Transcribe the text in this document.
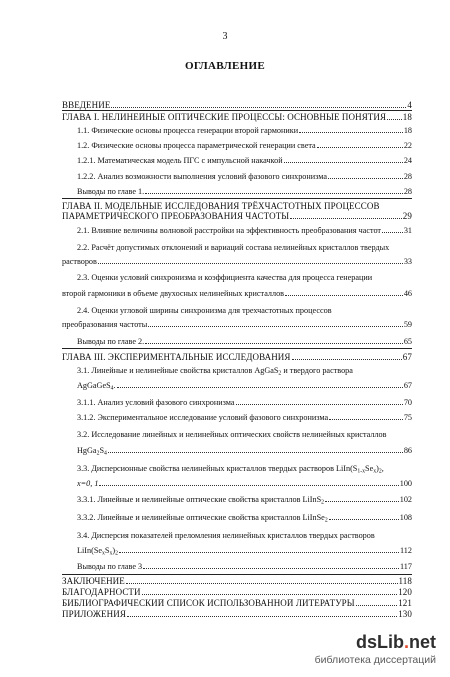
3
ОГЛАВЛЕНИЕ
ВВЕДЕНИЕ	4
ГЛАВА I. НЕЛИНЕЙНЫЕ ОПТИЧЕСКИЕ ПРОЦЕССЫ: ОСНОВНЫЕ ПОНЯТИЯ 18
1.1. Физические основы процесса генерации второй гармоники	18
1.2. Физические основы процесса параметрической генерации света	22
1.2.1. Математическая модель ПГС с импульсной накачкой	24
1.2.2. Анализ возможности выполнения условий фазового синхронизма	28
Выводы по главе 1.	28
ГЛАВА II. МОДЕЛЬНЫЕ ИССЛЕДОВАНИЯ ТРЁХЧАСТОТНЫХ ПРОЦЕССОВ
ПАРАМЕТРИЧЕСКОГО ПРЕОБРАЗОВАНИЯ ЧАСТОТЫ	29
2.1. Влияние величины волновой расстройки на эффективность преобразования частот	31
2.2. Расчёт допустимых отклонений и вариаций состава нелинейных кристаллов твердых
растворов	33
2.3. Оценки условий синхронизма и коэффициента качества для процесса генерации
второй гармоники в объеме двухосных нелинейных кристаллов	46
2.4. Оценки угловой ширины синхронизма для трехчастотных процессов
преобразования частоты	59
Выводы по главе 2.	65
ГЛАВА III. ЭКСПЕРИМЕНТАЛЬНЫЕ ИССЛЕДОВАНИЯ	67
3.1. Линейные и нелинейные свойства кристаллов AgGaS$_2$ и твердого раствора
AgGaGeS$_4$.	67
3.1.1. Анализ условий фазового синхронизма	70
3.1.2. Экспериментальное исследование условий фазового синхронизма	75
3.2. Исследование линейных и нелинейных оптических свойств нелинейных кристаллов
$HgGa_2S_4$	86
3.3. Дисперсионные свойства нелинейных кристаллов твердых растворов $LiIn(S_{1-x}Se_x)_2$,
x=0, 1	100
3.3.1. Линейные и нелинейные оптические свойства кристаллов LiInS$_2$	102
3.3.2. Линейные и нелинейные оптические свойства кристаллов LiInSe$_2$	108
3.4. Дисперсия показателей преломления нелинейных кристаллов твердых растворов
$LiIn(Se_xS_x)_2$	112
Выводы по главе 3	117
ЗАКЛЮЧЕНИЕ	118
БЛАГОДАРНОСТИ	120
БИБЛИОГРАФИЧЕСКИЙ СПИСОК ИСПОЛЬЗОВАННОЙ ЛИТЕРАТУРЫ	121
ПРИЛОЖЕНИЯ	130
dsLib.net
библиотека диссертаций
